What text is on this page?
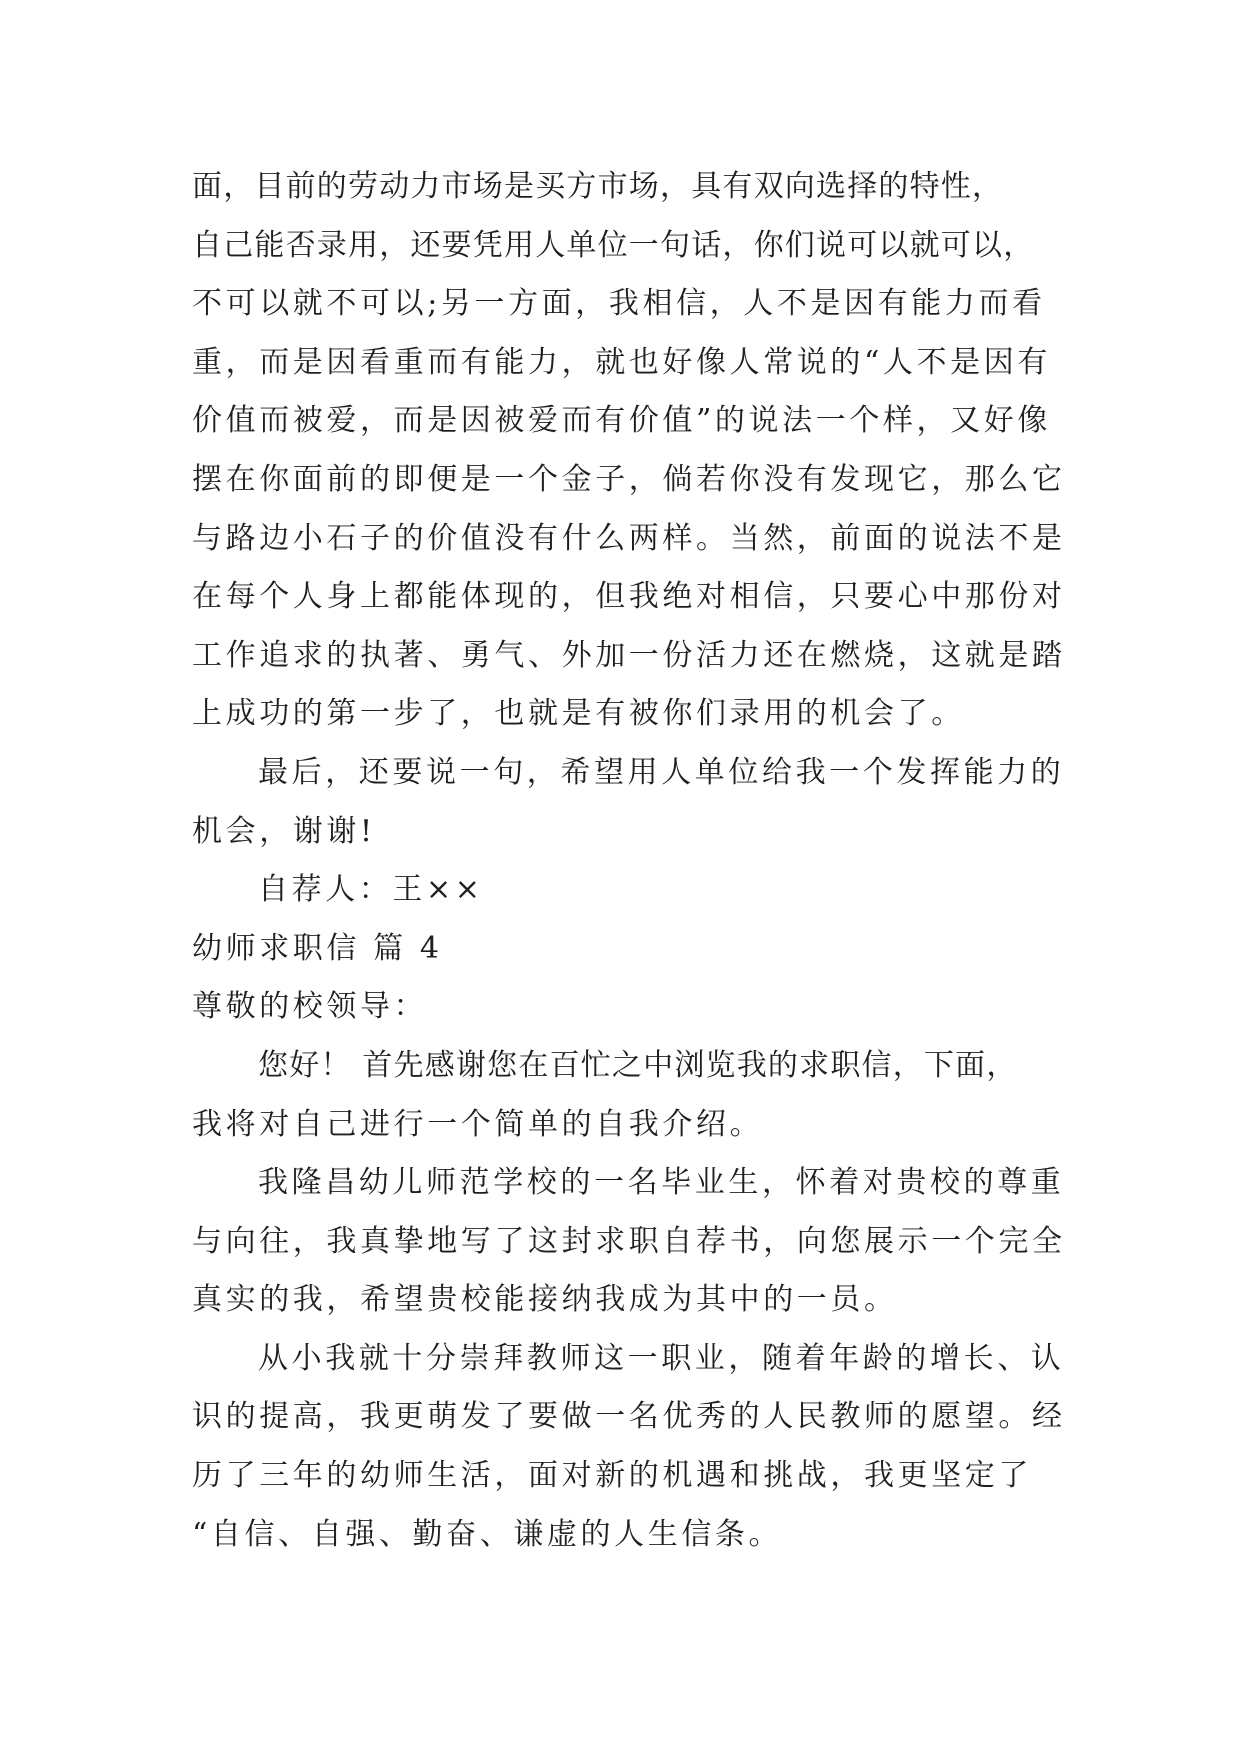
面，目前的劳动力市场是买方市场，具有双向选择的特性，
自己能否录用，还要凭用人单位一句话，你们说可以就可以，
不可以就不可以;另一方面，我相信，人不是因有能力而看
重，而是因看重而有能力，就也好像人常说的“人不是因有
价值而被爱，而是因被爱而有价值”的说法一个样，又好像
摆在你面前的即便是一个金子，倘若你没有发现它，那么它
与路边小石子的价值没有什么两样。当然，前面的说法不是
在每个人身上都能体现的，但我绝对相信，只要心中那份对
工作追求的执著、勇气、外加一份活力还在燃烧，这就是踏
上成功的第一步了，也就是有被你们录用的机会了。
最后，还要说一句，希望用人单位给我一个发挥能力的
机会，谢谢!
自荐人：王××
幼师求职信 篇 4
尊敬的校领导：
您好！ 首先感谢您在百忙之中浏览我的求职信，下面，
我将对自己进行一个简单的自我介绍。
我隆昌幼儿师范学校的一名毕业生，怀着对贵校的尊重
与向往，我真挚地写了这封求职自荐书，向您展示一个完全
真实的我，希望贵校能接纳我成为其中的一员。
从小我就十分崇拜教师这一职业，随着年龄的增长、认
识的提高，我更萌发了要做一名优秀的人民教师的愿望。经
历了三年的幼师生活，面对新的机遇和挑战，我更坚定了
“自信、自强、勤奋、谦虚的人生信条。
